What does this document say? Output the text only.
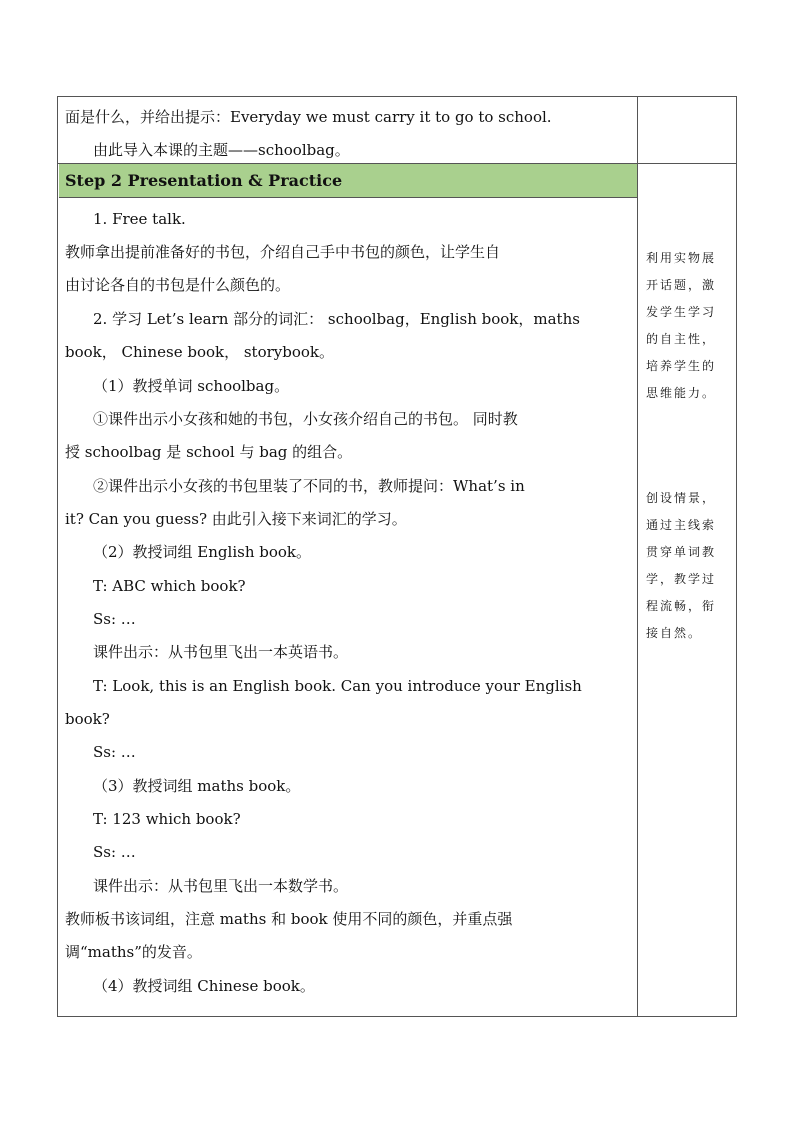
面是什么，并给出提示：Everyday we must carry it to go to school.
由此导入本课的主题——schoolbag。
Step 2 Presentation & Practice
1. Free talk.
教师拿出提前准备好的书包，介绍自己手中书包的颜色，让学生自
由讨论各自的书包是什么颜色的。
2. 学习 Let’s learn 部分的词汇： schoolbag，English book，maths
book， Chinese book， storybook。
（1）教授单词 schoolbag。
①课件出示小女孩和她的书包，小女孩介绍自己的书包。 同时教
授 schoolbag 是 school 与 bag 的组合。
②课件出示小女孩的书包里装了不同的书，教师提问：What’s in
it? Can you guess? 由此引入接下来词汇的学习。
（2）教授词组 English book。
T: ABC which book?
Ss: …
课件出示：从书包里飞出一本英语书。
T: Look, this is an English book. Can you introduce your English
book?
Ss: …
（3）教授词组 maths book。
T: 123 which book?
Ss: …
课件出示：从书包里飞出一本数学书。
教师板书该词组，注意 maths 和 book 使用不同的颜色，并重点强
调“maths”的发音。
（4）教授词组 Chinese book。
利用实物展
开话题，激
发学生学习
的自主性，
培养学生的
思维能力。
创设情景，
通过主线索
贯穿单词教
学，教学过
程流畅，衔
接自然。
